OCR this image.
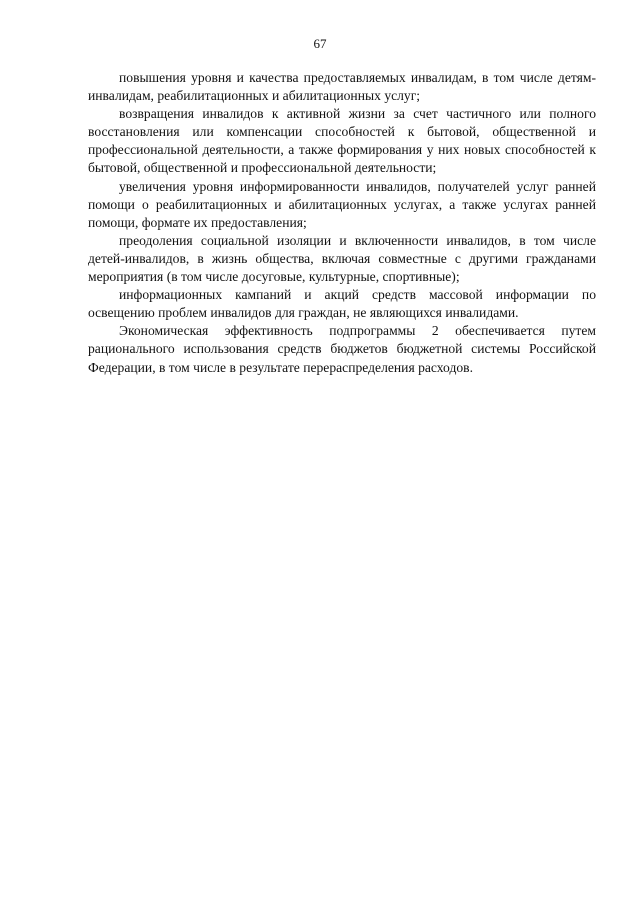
67

повышения уровня и качества предоставляемых инвалидам, в том числе детям-инвалидам, реабилитационных и абилитационных услуг;

возвращения инвалидов к активной жизни за счет частичного или полного восстановления или компенсации способностей к бытовой, общественной и профессиональной деятельности, а также формирования у них новых способностей к бытовой, общественной и профессиональной деятельности;

увеличения уровня информированности инвалидов, получателей услуг ранней помощи о реабилитационных и абилитационных услугах, а также услугах ранней помощи, формате их предоставления;

преодоления социальной изоляции и включенности инвалидов, в том числе детей-инвалидов, в жизнь общества, включая совместные с другими гражданами мероприятия (в том числе досуговые, культурные, спортивные);

информационных кампаний и акций средств массовой информации по освещению проблем инвалидов для граждан, не являющихся инвалидами.

Экономическая эффективность подпрограммы 2 обеспечивается путем рационального использования средств бюджетов бюджетной системы Российской Федерации, в том числе в результате перераспределения расходов.
